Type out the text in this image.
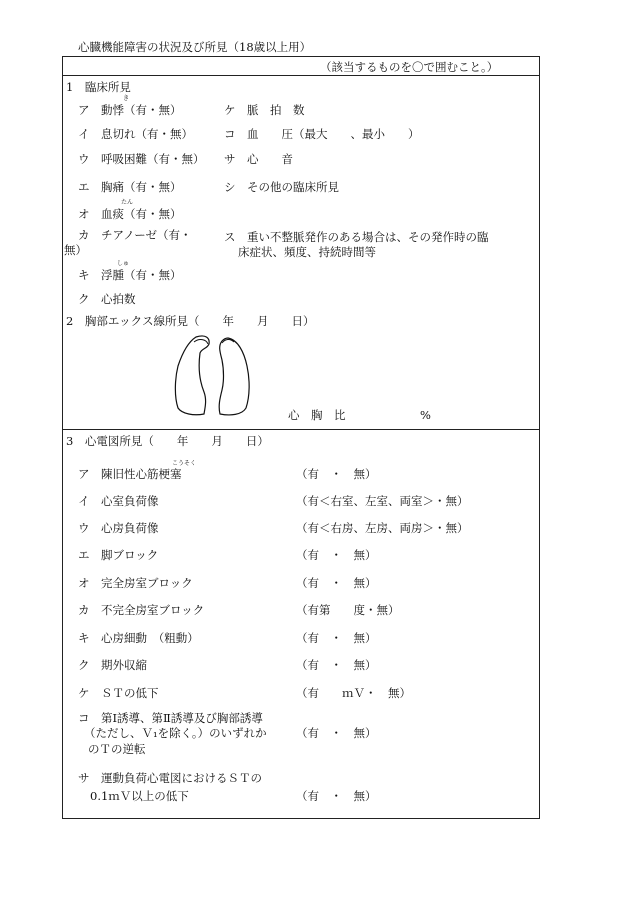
心臓機能障害の状況及び所見（18歳以上用）
（該当するものを〇で囲むこと。）
1　臨床所見
ア　動悸（有・無）
き
イ　息切れ（有・無）
ウ　呼吸困難（有・無）
エ　胸痛（有・無）
オ　血痰（有・無）
たん
カ　チアノーゼ（有・
無）
キ　浮腫（有・無）
しゅ
ク　心拍数
ケ　脈　拍　数
コ　血　　圧（最大　　、最小　　）
サ　心　　音
シ　その他の臨床所見
ス　重い不整脈発作のある場合は、その発作時の臨
床症状、頻度、持続時間等
2　胸部エックス線所見（　　年　　月　　日）
心　胸　比	%
3　心電図所見（　　年　　月　　日）
こうそく
ア　陳旧性心筋梗塞	（有　・　無）
イ　心室負荷像	（有＜右室、左室、両室＞・無）
ウ　心房負荷像	（有＜右房、左房、両房＞・無）
エ　脚ブロック	（有　・　無）
オ　完全房室ブロック	（有　・　無）
カ　不完全房室ブロック	（有第　　度・無）
キ　心房細動　（粗動）	（有　・　無）
ク　期外収縮	（有　・　無）
ケ　ＳＴの低下	（有　　ｍＶ・　無）
コ　第Ⅰ誘導、第Ⅱ誘導及び胸部誘導
（ただし、Ｖ₁を除く。）のいずれか	（有　・　無）
のＴの逆転
サ　運動負荷心電図におけるＳＴの
0.1ｍＶ以上の低下	（有　・　無）
